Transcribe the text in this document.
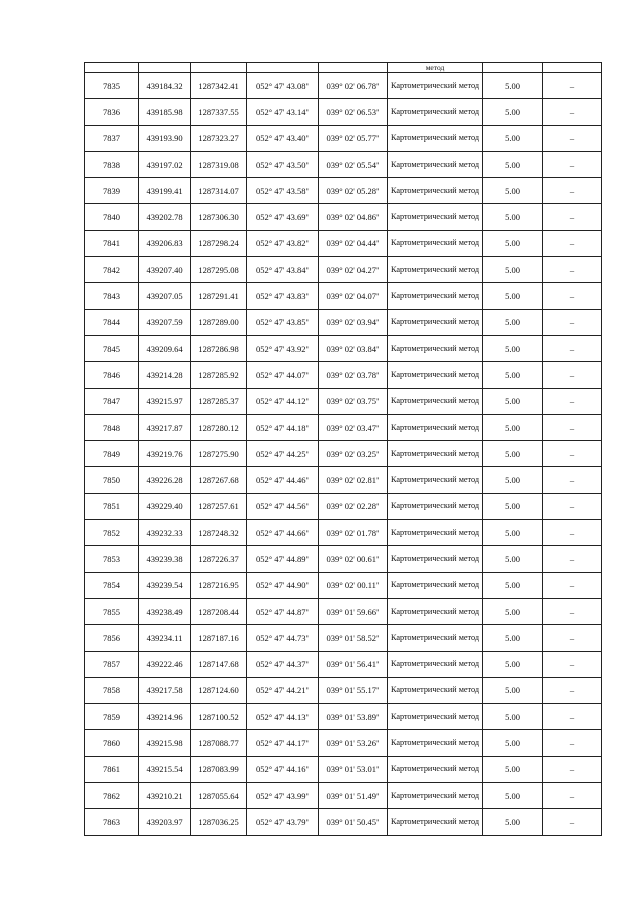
					метод		
7835	439184.32	1287342.41	052° 47' 43.08"	039° 02' 06.78"	Картометрический метод	5.00	–
7836	439185.98	1287337.55	052° 47' 43.14"	039° 02' 06.53"	Картометрический метод	5.00	–
7837	439193.90	1287323.27	052° 47' 43.40"	039° 02' 05.77"	Картометрический метод	5.00	–
7838	439197.02	1287319.08	052° 47' 43.50"	039° 02' 05.54"	Картометрический метод	5.00	–
7839	439199.41	1287314.07	052° 47' 43.58"	039° 02' 05.28"	Картометрический метод	5.00	–
7840	439202.78	1287306.30	052° 47' 43.69"	039° 02' 04.86"	Картометрический метод	5.00	–
7841	439206.83	1287298.24	052° 47' 43.82"	039° 02' 04.44"	Картометрический метод	5.00	–
7842	439207.40	1287295.08	052° 47' 43.84"	039° 02' 04.27"	Картометрический метод	5.00	–
7843	439207.05	1287291.41	052° 47' 43.83"	039° 02' 04.07"	Картометрический метод	5.00	–
7844	439207.59	1287289.00	052° 47' 43.85"	039° 02' 03.94"	Картометрический метод	5.00	–
7845	439209.64	1287286.98	052° 47' 43.92"	039° 02' 03.84"	Картометрический метод	5.00	–
7846	439214.28	1287285.92	052° 47' 44.07"	039° 02' 03.78"	Картометрический метод	5.00	–
7847	439215.97	1287285.37	052° 47' 44.12"	039° 02' 03.75"	Картометрический метод	5.00	–
7848	439217.87	1287280.12	052° 47' 44.18"	039° 02' 03.47"	Картометрический метод	5.00	–
7849	439219.76	1287275.90	052° 47' 44.25"	039° 02' 03.25"	Картометрический метод	5.00	–
7850	439226.28	1287267.68	052° 47' 44.46"	039° 02' 02.81"	Картометрический метод	5.00	–
7851	439229.40	1287257.61	052° 47' 44.56"	039° 02' 02.28"	Картометрический метод	5.00	–
7852	439232.33	1287248.32	052° 47' 44.66"	039° 02' 01.78"	Картометрический метод	5.00	–
7853	439239.38	1287226.37	052° 47' 44.89"	039° 02' 00.61"	Картометрический метод	5.00	–
7854	439239.54	1287216.95	052° 47' 44.90"	039° 02' 00.11"	Картометрический метод	5.00	–
7855	439238.49	1287208.44	052° 47' 44.87"	039° 01' 59.66"	Картометрический метод	5.00	–
7856	439234.11	1287187.16	052° 47' 44.73"	039° 01' 58.52"	Картометрический метод	5.00	–
7857	439222.46	1287147.68	052° 47' 44.37"	039° 01' 56.41"	Картометрический метод	5.00	–
7858	439217.58	1287124.60	052° 47' 44.21"	039° 01' 55.17"	Картометрический метод	5.00	–
7859	439214.96	1287100.52	052° 47' 44.13"	039° 01' 53.89"	Картометрический метод	5.00	–
7860	439215.98	1287088.77	052° 47' 44.17"	039° 01' 53.26"	Картометрический метод	5.00	–
7861	439215.54	1287083.99	052° 47' 44.16"	039° 01' 53.01"	Картометрический метод	5.00	–
7862	439210.21	1287055.64	052° 47' 43.99"	039° 01' 51.49"	Картометрический метод	5.00	–
7863	439203.97	1287036.25	052° 47' 43.79"	039° 01' 50.45"	Картометрический метод	5.00	–
